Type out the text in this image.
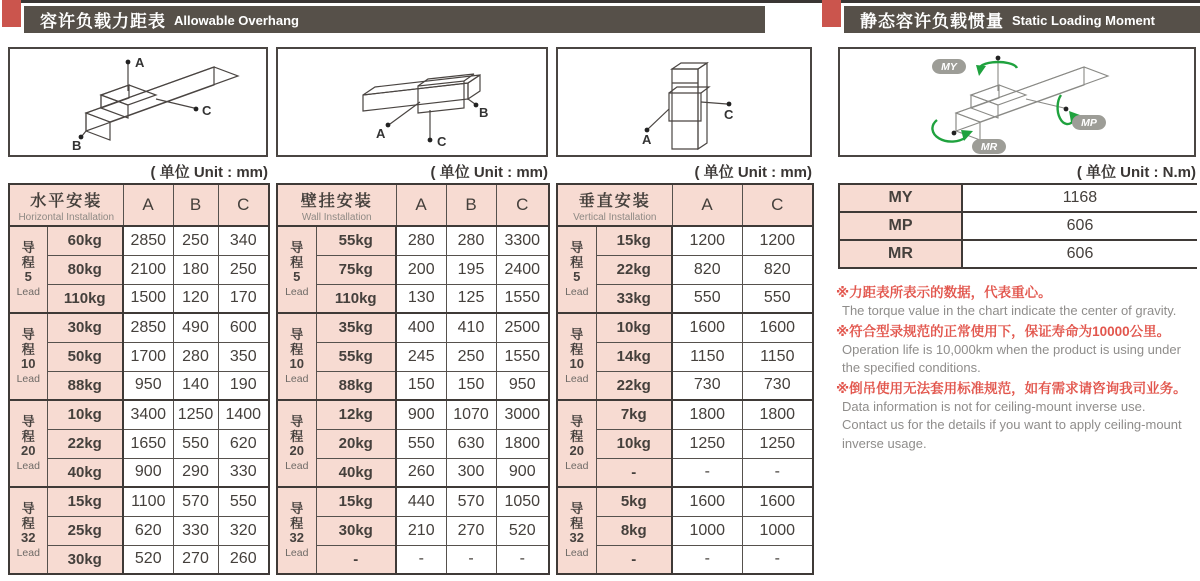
容许负载力距表 Allowable Overhang	静态容许负载惯量 Static Loading Moment
A
C
B
A
B
C	A
C
MY
MP
MR
( 单位 Unit : mm)	( 单位 Unit : mm)	( 单位 Unit : mm)	( 单位 Unit : N.m)
水平安装
Horizontal Installation		A	B	C

导
程
5
Lead	60kg	2850	250	340
	80kg	2100	180	250
	110kg	1500	120	170

导
程
10
Lead	30kg	2850	490	600
	50kg	1700	280	350
	88kg	950	140	190

导
程
20
Lead	10kg	3400	1250	1400
	22kg	1650	550	620
	40kg	900	290	330

导
程
32
Lead	15kg	1100	570	550
	25kg	620	330	320
	30kg	520	270	260
壁挂安装
Wall Installation		A	B	C

导
程
5
Lead	55kg	280	280	3300
	75kg	200	195	2400
	110kg	130	125	1550

导
程
10
Lead	35kg	400	410	2500
	55kg	245	250	1550
	88kg	150	150	950

导
程
20
Lead	12kg	900	1070	3000
	20kg	550	630	1800
	40kg	260	300	900

导
程
32
Lead	15kg	440	570	1050
	30kg	210	270	520
	-	-	-	-
垂直安装
Vertical Installation		A	C

导
程
5
Lead	15kg	1200	1200
	22kg	820	820
	33kg	550	550

导
程
10
Lead	10kg	1600	1600
	14kg	1150	1150
	22kg	730	730

导
程
20
Lead	7kg	1800	1800
	10kg	1250	1250
	-	-	-

导
程
32
Lead	5kg	1600	1600
	8kg	1000	1000
	-	-	-
MY	1168
MP	606
MR	606
※力距表所表示的数据，代表重心。
The torque value in the chart indicate the center of gravity.
※符合型录规范的正常使用下，保证寿命为10000公里。
Operation life is 10,000km when the product is using under the specified conditions.
※倒吊使用无法套用标准规范，如有需求请咨询我司业务。
Data information is not for ceiling-mount inverse use.
Contact us for the details if you want to apply ceiling-mount inverse usage.
